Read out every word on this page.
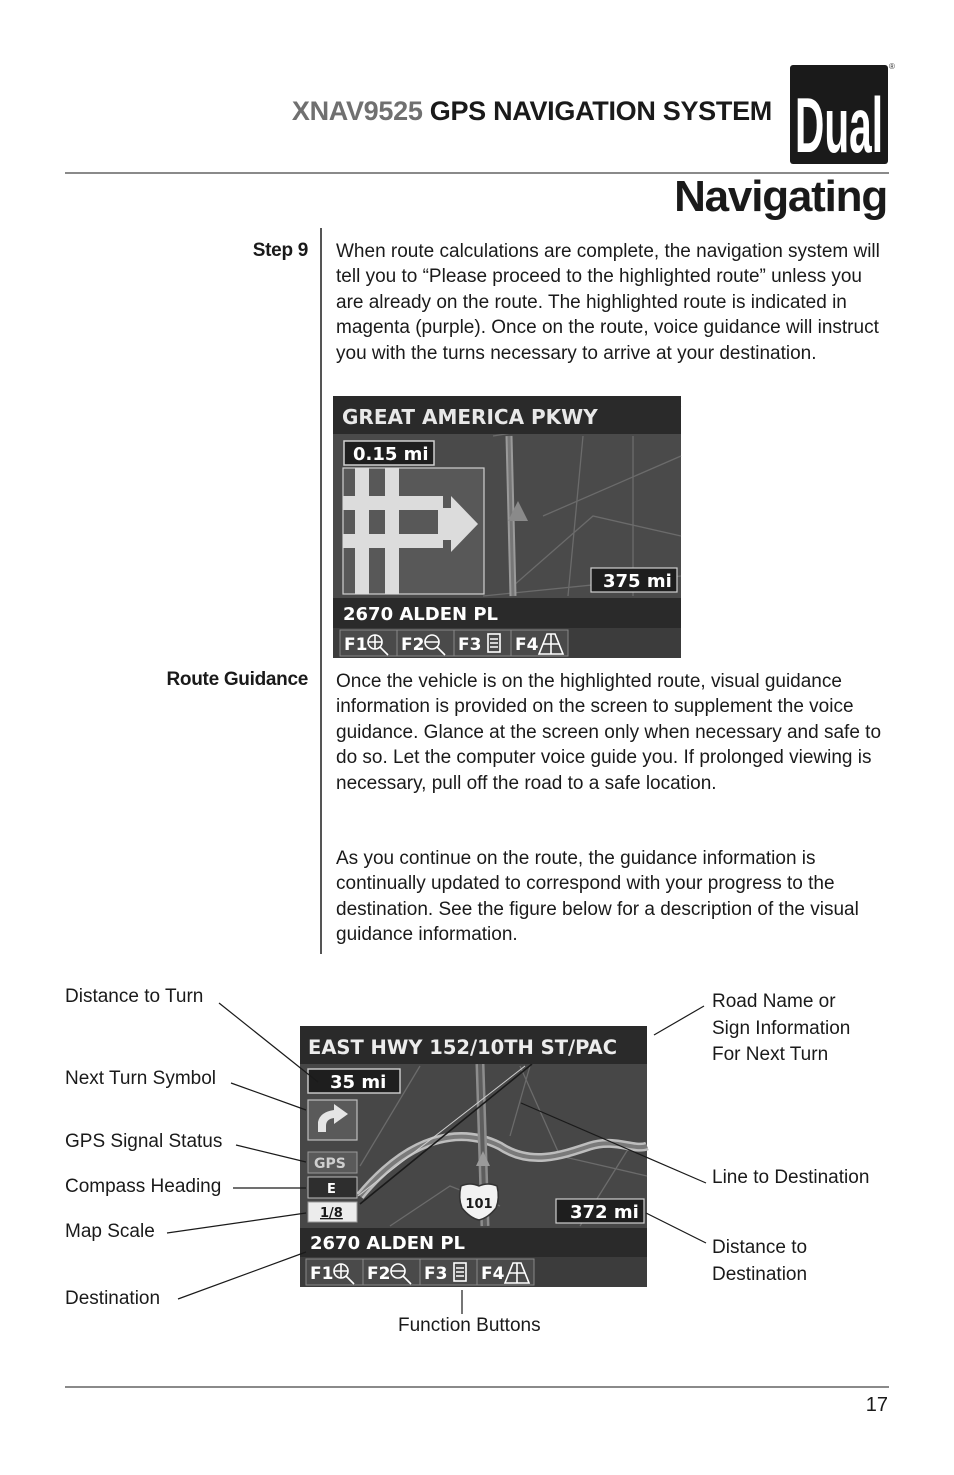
XNAV9525 GPS NAVIGATION SYSTEM Dual
®
Navigating
Step 9
Route Guidance
When route calculations are complete, the navigation system will tell you to “Please proceed to the highlighted route” unless you are already on the route. The highlighted route is indicated in magenta (purple). Once on the route, voice guidance will instruct you with the turns necessary to arrive at your destination.
GREAT AMERICA PKWY
0.15 mi
375 mi
2670 ALDEN PL
F1 F2 F3 F4
Once the vehicle is on the highlighted route, visual guidance information is provided on the screen to supplement the voice guidance. Glance at the screen only when necessary and safe to do so. Let the computer voice guide you. If prolonged viewing is necessary, pull off the road to a safe location.
As you continue on the route, the guidance information is continually updated to correspond with your progress to the destination. See the figure below for a description of the visual guidance information.
EAST HWY 152/10TH ST/PAC
35 mi
GPS
E
1/8
101	372 mi
2670 ALDEN PL
F1 F2 F3 F4
Distance to Turn
Next Turn Symbol
GPS Signal Status
Compass Heading
Map Scale
Destination
Road Name or
Sign Information
For Next Turn
Line to Destination
Distance to
Destination
Function Buttons
17
